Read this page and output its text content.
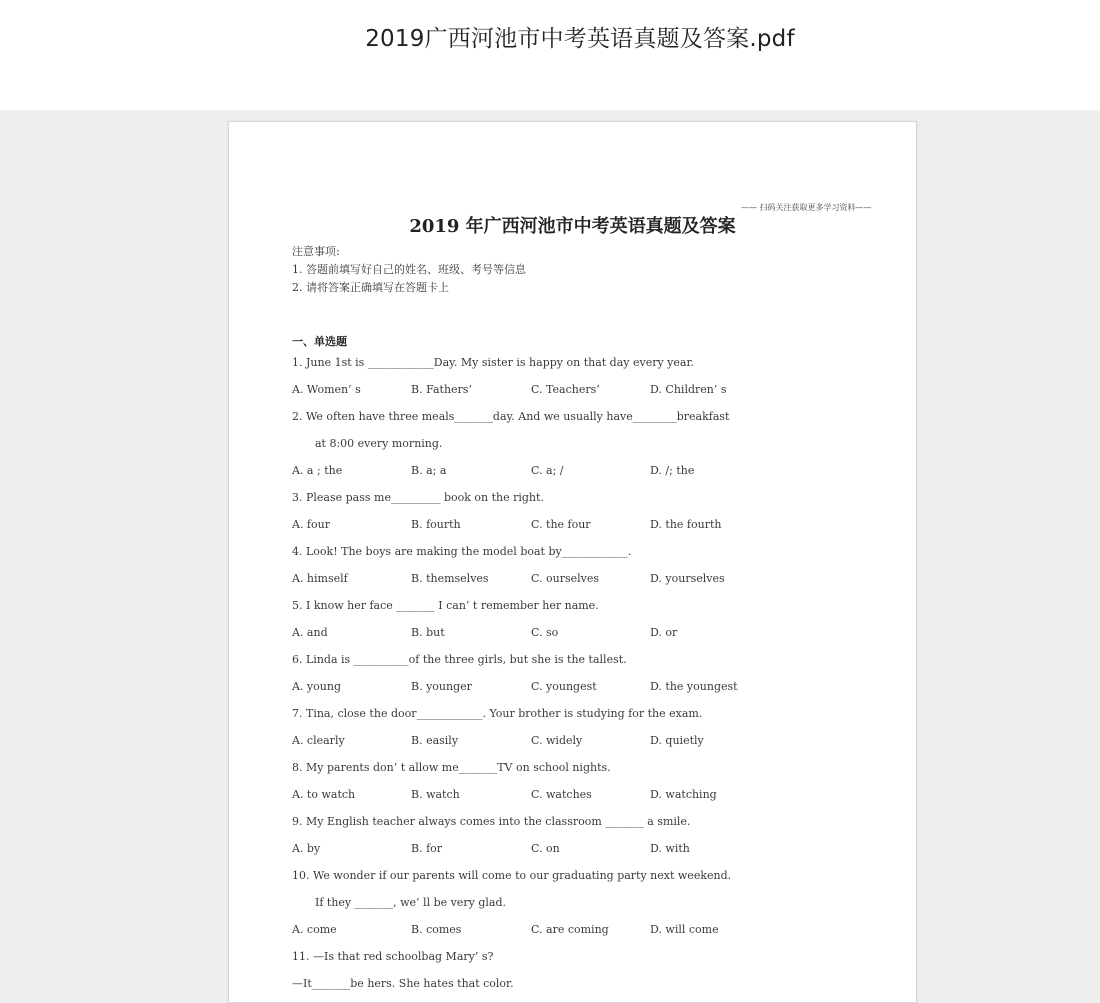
2019广西河池市中考英语真题及答案.pdf
—— 扫码关注获取更多学习资料——
2019 年广西河池市中考英语真题及答案
注意事项:
1. 答题前填写好自己的姓名、班级、考号等信息
2. 请将答案正确填写在答题卡上
一、单选题
1. June 1st is ____________Day. My sister is happy on that day every year.
A. Women’ s	B. Fathers’	C. Teachers’	D. Children’ s
2. We often have three meals_______day. And we usually have________breakfast
at 8:00 every morning.
A. a ; the	B. a; a	C. a; /	D. /; the
3. Please pass me_________ book on the right.
A. four	B. fourth	C. the four	D. the fourth
4. Look! The boys are making the model boat by____________.
A. himself	B. themselves	C. ourselves	D. yourselves
5. I know her face _______ I can’ t remember her name.
A. and	B. but	C. so	D. or
6. Linda is __________of the three girls, but she is the tallest.
A. young	B. younger	C. youngest	D. the youngest
7. Tina, close the door____________. Your brother is studying for the exam.
A. clearly	B. easily	C. widely	D. quietly
8. My parents don’ t allow me_______TV on school nights.
A. to watch	B. watch	C. watches	D. watching
9. My English teacher always comes into the classroom _______ a smile.
A. by	B. for	C. on	D. with
10. We wonder if our parents will come to our graduating party next weekend.
If they _______, we’ ll be very glad.
A. come	B. comes	C. are coming	D. will come
11. —Is that red schoolbag Mary’ s?
—It_______be hers. She hates that color.
